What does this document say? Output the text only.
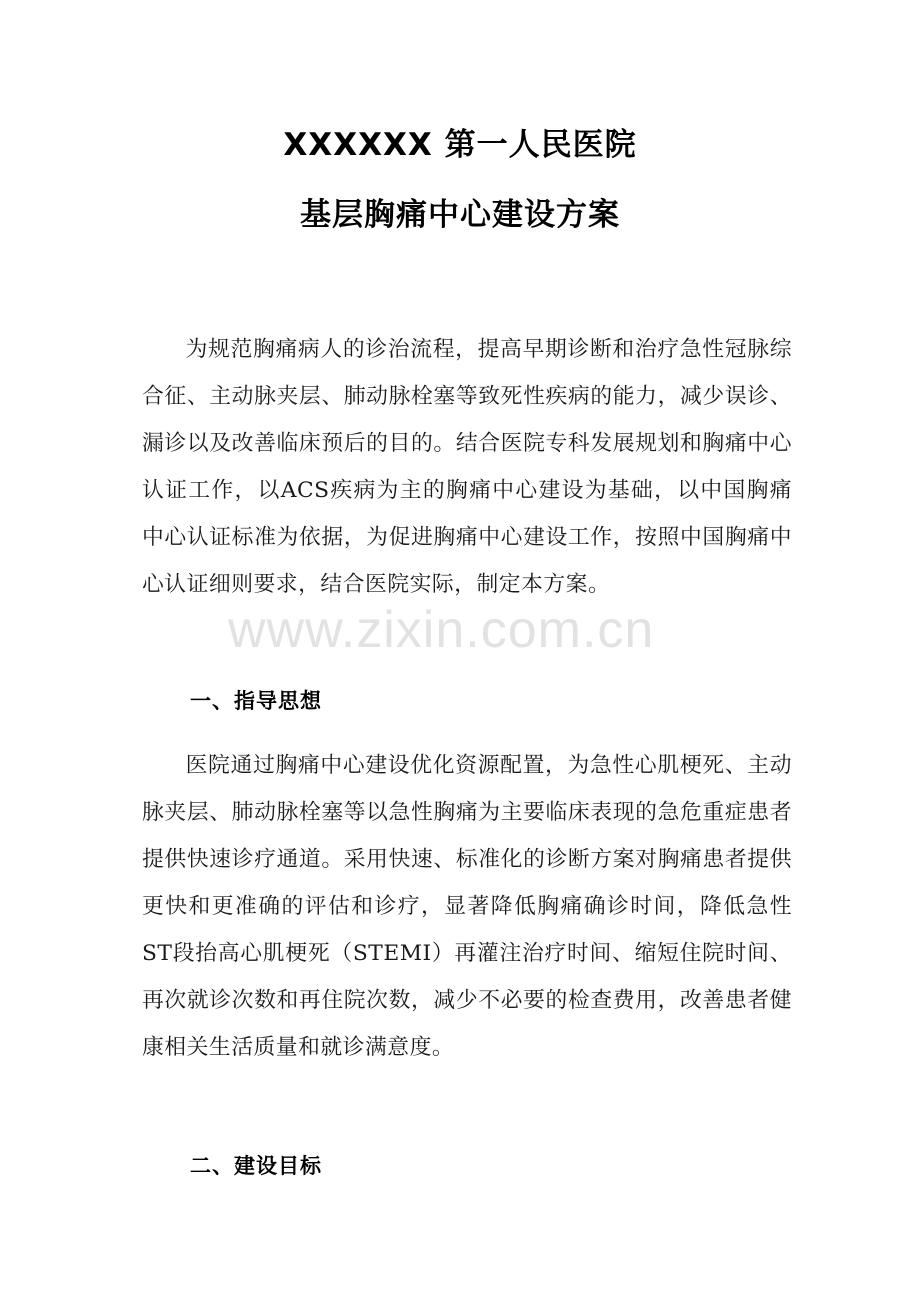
XXXXXX 第一人民医院
基层胸痛中心建设方案

为规范胸痛病人的诊治流程，提高早期诊断和治疗急性冠脉综合征、主动脉夹层、肺动脉栓塞等致死性疾病的能力，减少误诊、漏诊以及改善临床预后的目的。结合医院专科发展规划和胸痛中心认证工作，以ACS疾病为主的胸痛中心建设为基础，以中国胸痛中心认证标准为依据，为促进胸痛中心建设工作，按照中国胸痛中心认证细则要求，结合医院实际，制定本方案。

一、指导思想

医院通过胸痛中心建设优化资源配置，为急性心肌梗死、主动脉夹层、肺动脉栓塞等以急性胸痛为主要临床表现的急危重症患者提供快速诊疗通道。采用快速、标准化的诊断方案对胸痛患者提供更快和更准确的评估和诊疗，显著降低胸痛确诊时间，降低急性ST段抬高心肌梗死（STEMI）再灌注治疗时间、缩短住院时间、再次就诊次数和再住院次数，减少不必要的检查费用，改善患者健康相关生活质量和就诊满意度。

二、建设目标
www.zixin.com.cn
